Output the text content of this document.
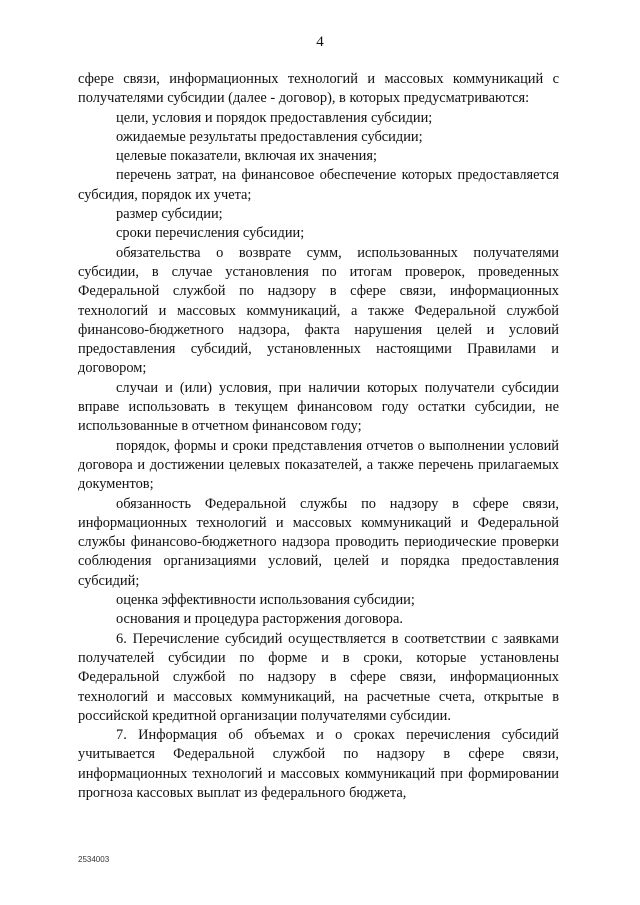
4

сфере связи, информационных технологий и массовых коммуникаций с получателями субсидии (далее - договор), в которых предусматриваются:

цели, условия и порядок предоставления субсидии;

ожидаемые результаты предоставления субсидии;

целевые показатели, включая их значения;

перечень затрат, на финансовое обеспечение которых предоставляется субсидия, порядок их учета;

размер субсидии;

сроки перечисления субсидии;

обязательства о возврате сумм, использованных получателями субсидии, в случае установления по итогам проверок, проведенных Федеральной службой по надзору в сфере связи, информационных технологий и массовых коммуникаций, а также Федеральной службой финансово-бюджетного надзора, факта нарушения целей и условий предоставления субсидий, установленных настоящими Правилами и договором;

случаи и (или) условия, при наличии которых получатели субсидии вправе использовать в текущем финансовом году остатки субсидии, не использованные в отчетном финансовом году;

порядок, формы и сроки представления отчетов о выполнении условий договора и достижении целевых показателей, а также перечень прилагаемых документов;

обязанность Федеральной службы по надзору в сфере связи, информационных технологий и массовых коммуникаций и Федеральной службы финансово-бюджетного надзора проводить периодические проверки соблюдения организациями условий, целей и порядка предоставления субсидий;

оценка эффективности использования субсидии;

основания и процедура расторжения договора.

6. Перечисление субсидий осуществляется в соответствии с заявками получателей субсидии по форме и в сроки, которые установлены Федеральной службой по надзору в сфере связи, информационных технологий и массовых коммуникаций, на расчетные счета, открытые в российской кредитной организации получателями субсидии.

7. Информация об объемах и о сроках перечисления субсидий учитывается Федеральной службой по надзору в сфере связи, информационных технологий и массовых коммуникаций при формировании прогноза кассовых выплат из федерального бюджета,

2534003
